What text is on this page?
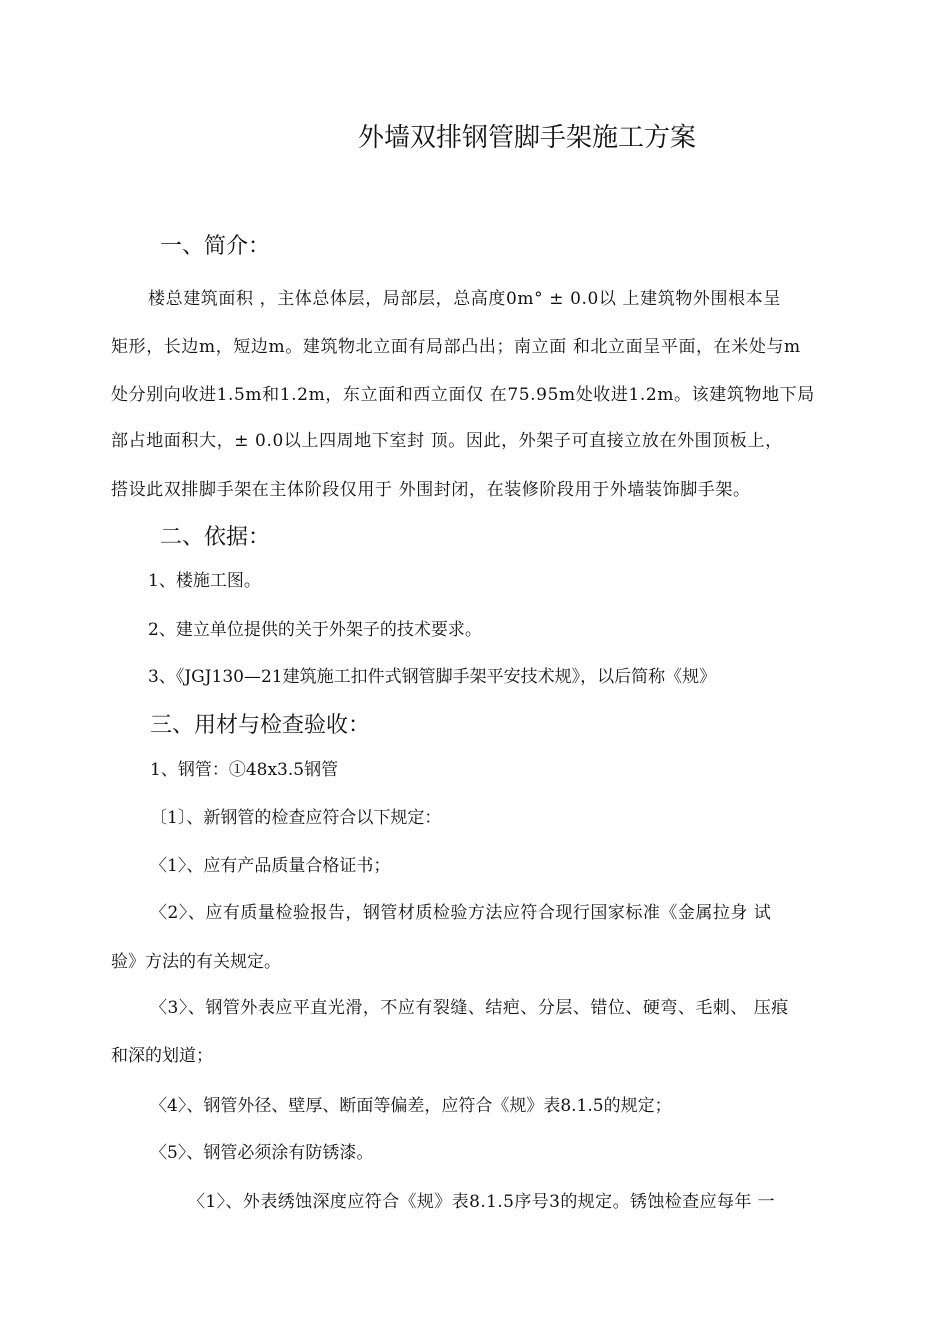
外墙双排钢管脚手架施工方案
一、简介：
楼总建筑面积 ，主体总体层，局部层，总高度0m° ± 0.0以 上建筑物外围根本呈
矩形，长边m，短边m。建筑物北立面有局部凸出；南立面 和北立面呈平面，在米处与m
处分别向收进1.5m和1.2m，东立面和西立面仅 在75.95m处收进1.2m。该建筑物地下局
部占地面积大，± 0.0以上四周地下室封 顶。因此，外架子可直接立放在外围顶板上，
搭设此双排脚手架在主体阶段仅用于 外围封闭，在装修阶段用于外墙装饰脚手架。
二、依据：
1、楼施工图。
2、建立单位提供的关于外架子的技术要求。
3、《JGJ130—21建筑施工扣件式钢管脚手架平安技术规》，以后简称《规》
三、用材与检查验收：
1、钢管：①48x3.5钢管
〔1〕、新钢管的检查应符合以下规定：
〈1〉、应有产品质量合格证书；
〈2〉、应有质量检验报告，钢管材质检验方法应符合现行国家标准《金属拉身 试
验》方法的有关规定。
〈3〉、钢管外表应平直光滑，不应有裂缝、结疤、分层、错位、硬弯、毛刺、 压痕
和深的划道；
〈4〉、钢管外径、壁厚、断面等偏差，应符合《规》表8.1.5的规定；
〈5〉、钢管必须涂有防锈漆。
〈1〉、外表绣蚀深度应符合《规》表8.1.5序号3的规定。锈蚀检查应每年 一
